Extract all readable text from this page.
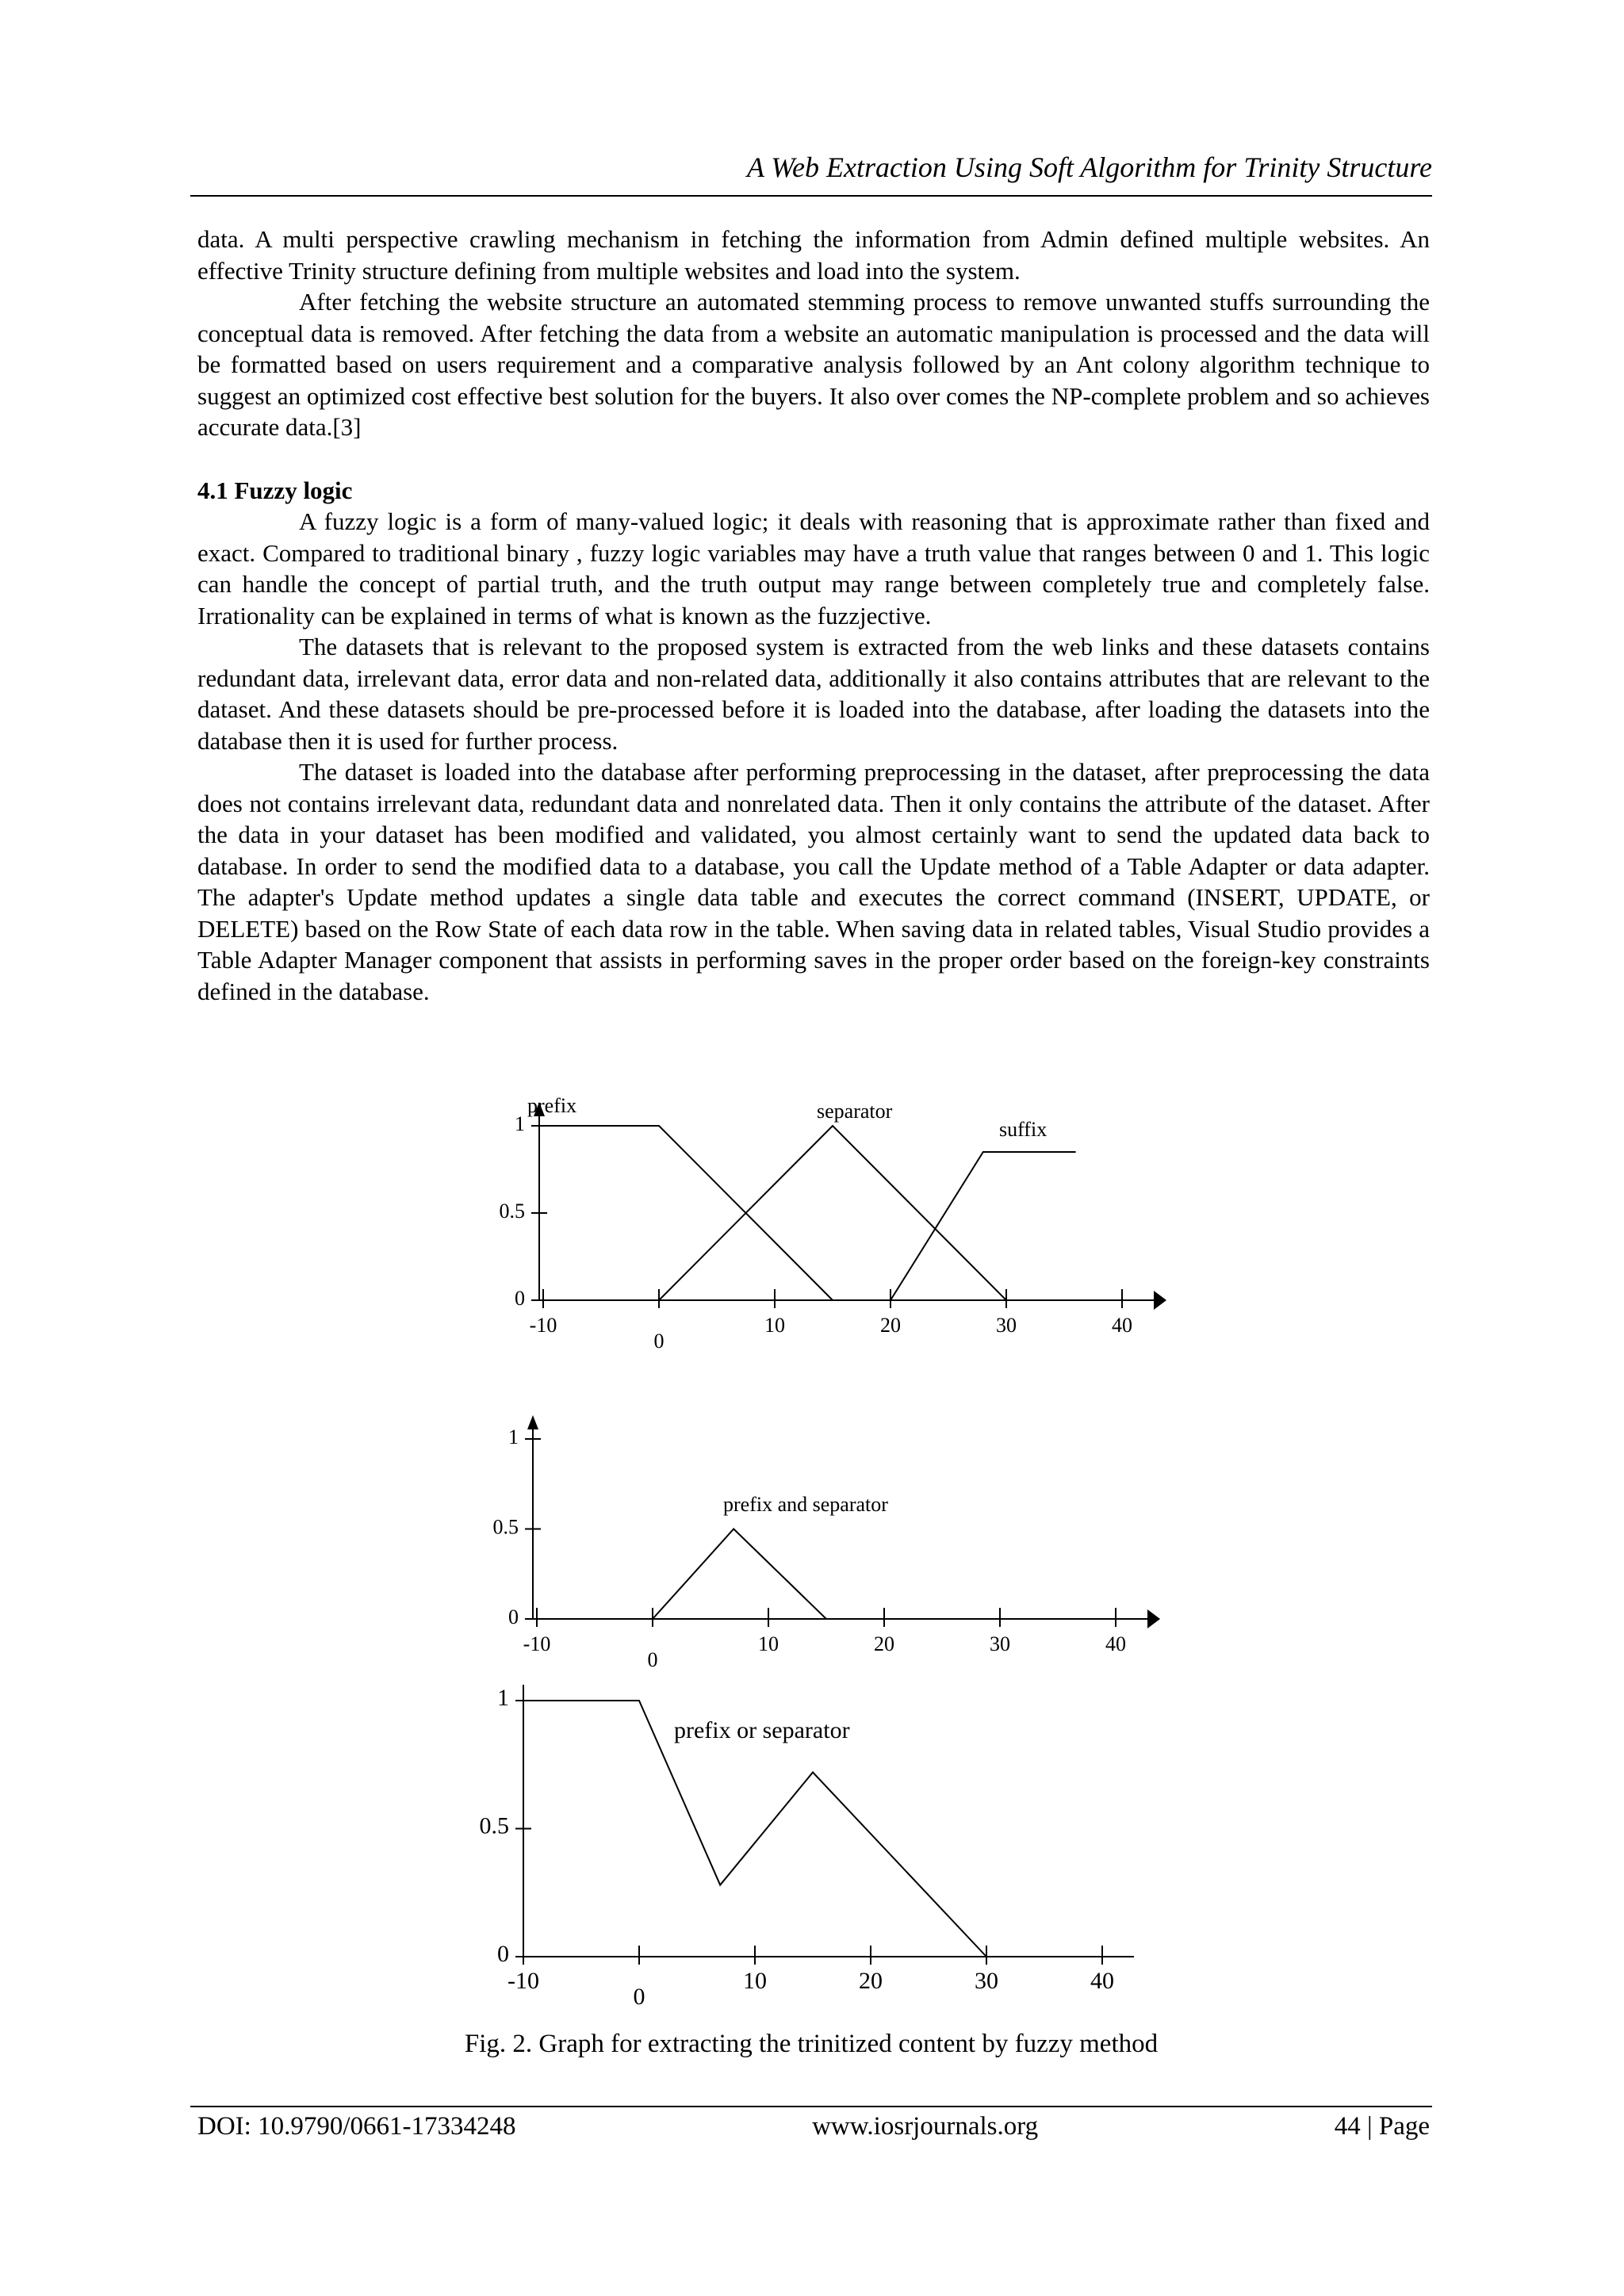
A Web Extraction Using Soft Algorithm for Trinity Structure

data. A multi perspective crawling mechanism in fetching the information from Admin defined multiple websites. An effective Trinity structure defining from multiple websites and load into the system.

After fetching the website structure an automated stemming process to remove unwanted stuffs surrounding the conceptual data is removed. After fetching the data from a website an automatic manipulation is processed and the data will be formatted based on users requirement and a comparative analysis followed by an Ant colony algorithm technique to suggest an optimized cost effective best solution for the buyers. It also over comes the NP-complete problem and so achieves accurate data.[3]

4.1 Fuzzy logic

A fuzzy logic is a form of many-valued logic; it deals with reasoning that is approximate rather than fixed and exact. Compared to traditional binary , fuzzy logic variables may have a truth value that ranges between 0 and 1. This logic can handle the concept of partial truth, and the truth output may range between completely true and completely false. Irrationality can be explained in terms of what is known as the fuzzjective.

The datasets that is relevant to the proposed system is extracted from the web links and these datasets contains redundant data, irrelevant data, error data and non-related data, additionally it also contains attributes that are relevant to the dataset. And these datasets should be pre-processed before it is loaded into the database, after loading the datasets into the database then it is used for further process.

The dataset is loaded into the database after performing preprocessing in the dataset, after preprocessing the data does not contains irrelevant data, redundant data and nonrelated data. Then it only contains the attribute of the dataset. After the data in your dataset has been modified and validated, you almost certainly want to send the updated data back to database. In order to send the modified data to a database, you call the Update method of a Table Adapter or data adapter. The adapter's Update method updates a single data table and executes the correct command (INSERT, UPDATE, or DELETE) based on the Row State of each data row in the table. When saving data in related tables, Visual Studio provides a Table Adapter Manager component that assists in performing saves in the proper order based on the foreign-key constraints defined in the database.

-10
0
10	20	30	40
0
0.5
1
prefix	separator
suffix
-10
0
10	20	30	40
0
0.5
1
prefix and separator
-10
0
10	20	30	40
0
0.5
1
prefix or separator
Fig. 2. Graph for extracting the trinitized content by fuzzy method
DOI: 10.9790/0661-17334248	www.iosrjournals.org	44 | Page
